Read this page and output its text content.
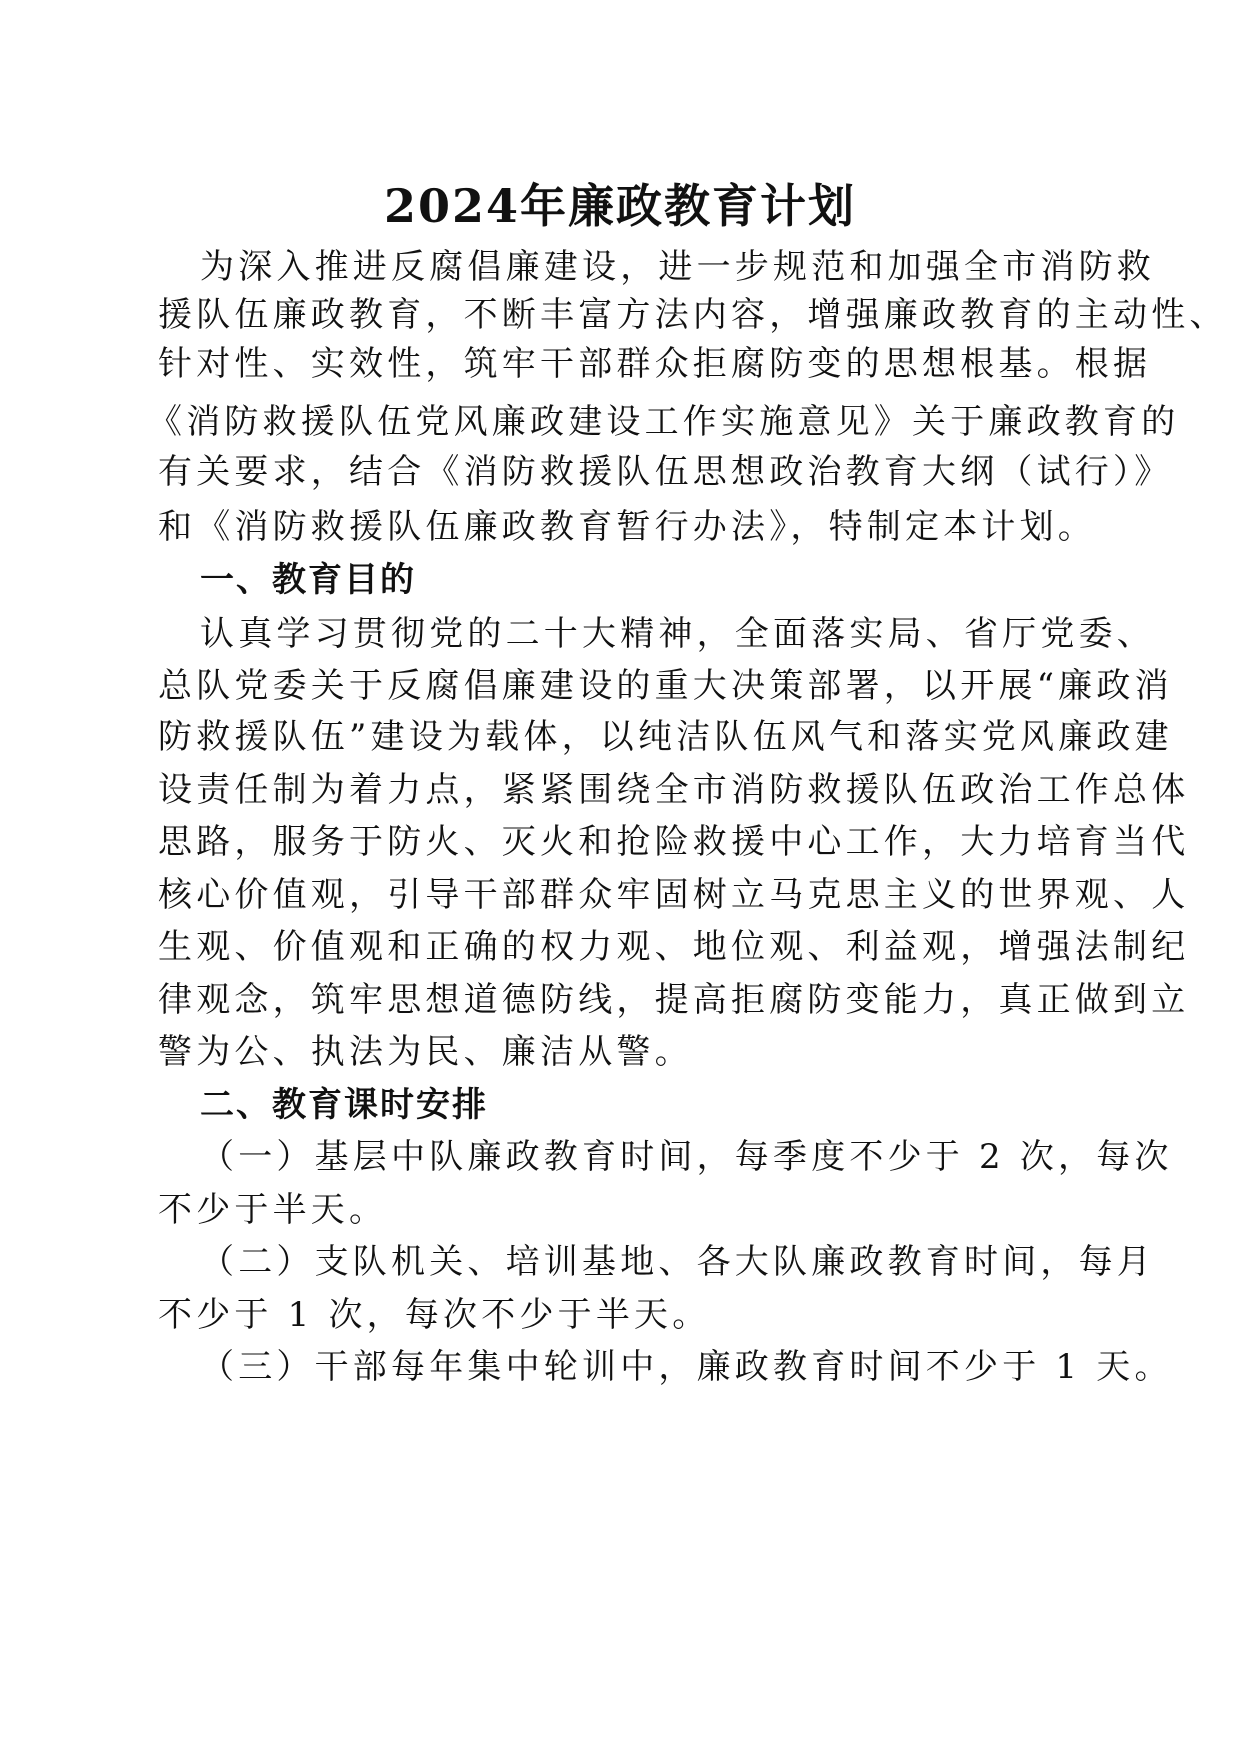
2024年廉政教育计划
为深入推进反腐倡廉建设，进一步规范和加强全市消防救
援队伍廉政教育，不断丰富方法内容，增强廉政教育的主动性、
针对性、实效性，筑牢干部群众拒腐防变的思想根基。根据
《消防救援队伍党风廉政建设工作实施意见》关于廉政教育的
有关要求，结合《消防救援队伍思想政治教育大纲（试行）》
和《消防救援队伍廉政教育暂行办法》，特制定本计划。
一、教育目的
认真学习贯彻党的二十大精神，全面落实局、省厅党委、
总队党委关于反腐倡廉建设的重大决策部署，以开展“廉政消
防救援队伍”建设为载体，以纯洁队伍风气和落实党风廉政建
设责任制为着力点，紧紧围绕全市消防救援队伍政治工作总体
思路，服务于防火、灭火和抢险救援中心工作，大力培育当代
核心价值观，引导干部群众牢固树立马克思主义的世界观、人
生观、价值观和正确的权力观、地位观、利益观，增强法制纪
律观念，筑牢思想道德防线，提高拒腐防变能力，真正做到立
警为公、执法为民、廉洁从警。
二、教育课时安排
（一）基层中队廉政教育时间，每季度不少于 2 次，每次
不少于半天。
（二）支队机关、培训基地、各大队廉政教育时间，每月
不少于 1 次，每次不少于半天。
（三）干部每年集中轮训中，廉政教育时间不少于 1 天。
